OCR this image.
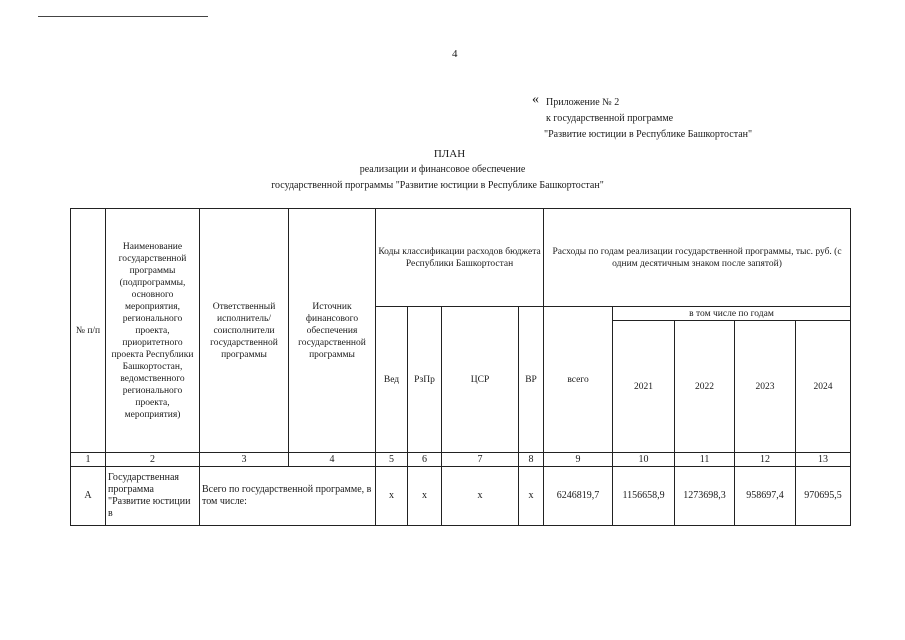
4
« Приложение № 2
к государственной программе
"Развитие юстиции в Республике Башкортостан"
ПЛАН
реализации и финансовое обеспечение
государственной программы "Развитие юстиции в Республике Башкортостан"
№ п/п	Наименование государственной программы (подпрограммы, основного мероприятия, регионального проекта, приоритетного проекта Республики Башкортостан, ведомственного регионального проекта, мероприятия)	Ответственный исполнитель/ соисполнители государственной программы	Источник финансового обеспечения государственной программы	Коды классификации расходов бюджета Республики Башкортостан				Расходы по годам реализации государственной программы, тыс. руб. (с одним десятичным знаком после запятой)				
				Вед	РзПр	ЦСР	ВР	всего	в том числе по годам			
									2021	2022	2023	2024
1	2	3	4	5	6	7	8	9	10	11	12	13
А	Государственная программа "Развитие юстиции в	Всего по государственной программе, в том числе:		х	х	х	х	6246819,7	1156658,9	1273698,3	958697,4	970695,5
